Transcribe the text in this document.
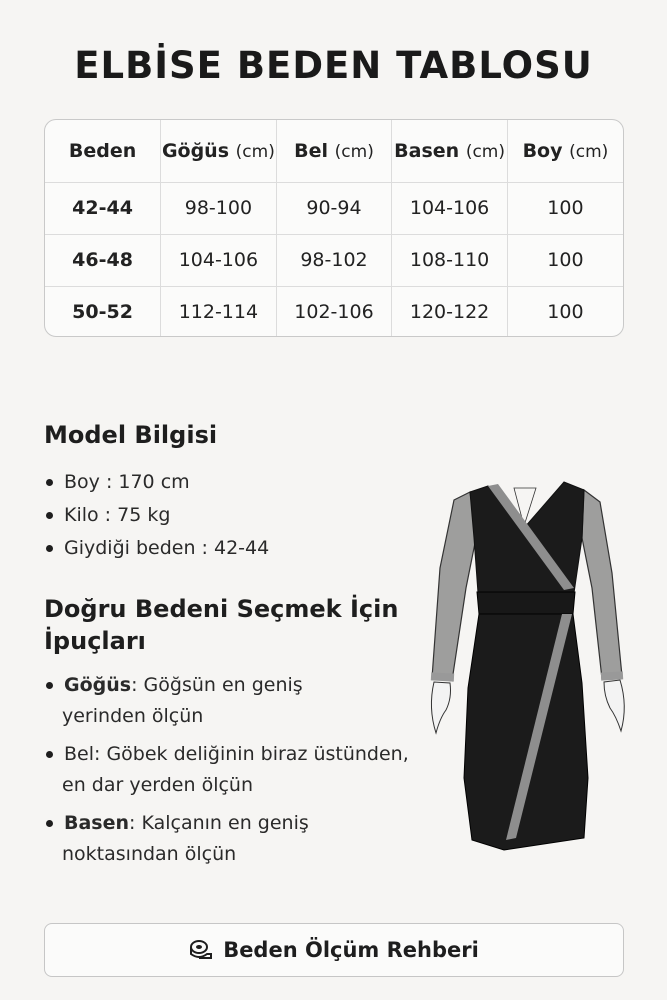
ELBİSE BEDEN TABLOSU
Beden	Göğüs (cm)	Bel (cm)	Basen (cm)	Boy (cm)
42-44	98-100	90-94	104-106	100
46-48	104-106	98-102	108-110	100
50-52	112-114	102-106	120-122	100
Model Bilgisi
Boy : 170 cm
Kilo : 75 kg
Giydiği beden : 42-44
Doğru Bedeni Seçmek İçin İpuçları
Göğüs: Göğsün en geniş
yerinden ölçün
Bel: Göbek deliğinin biraz üstünden,
en dar yerden ölçün
Basen: Kalçanın en geniş
noktasından ölçün
Beden Ölçüm Rehberi
